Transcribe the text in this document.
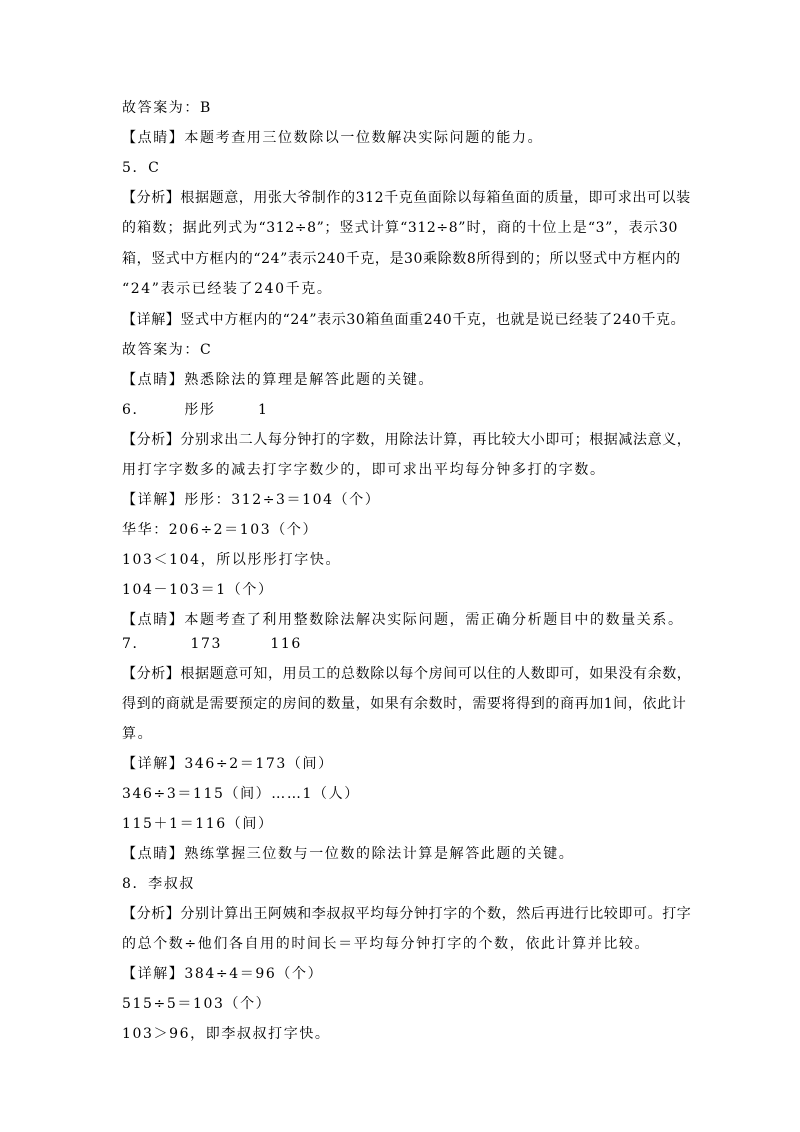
故答案为：B
【点睛】本题考查用三位数除以一位数解决实际问题的能力。
5．C
【分析】根据题意，用张大爷制作的312千克鱼面除以每箱鱼面的质量，即可求出可以装
的箱数；据此列式为“312÷8”；竖式计算“312÷8”时，商的十位上是“3”，表示30
箱，竖式中方框内的“24”表示240千克，是30乘除数8所得到的；所以竖式中方框内的
“24”表示已经装了240千克。
【详解】竖式中方框内的“24”表示30箱鱼面重240千克，也就是说已经装了240千克。
故答案为：C
【点睛】熟悉除法的算理是解答此题的关键。
6．      彤彤       1
【分析】分别求出二人每分钟打的字数，用除法计算，再比较大小即可；根据减法意义，
用打字字数多的减去打字字数少的，即可求出平均每分钟多打的字数。
【详解】彤彤：312÷3＝104（个）
华华：206÷2＝103（个）
103＜104，所以彤彤打字快。
104－103＝1（个）
【点睛】本题考查了利用整数除法解决实际问题，需正确分析题目中的数量关系。
7．       173        116
【分析】根据题意可知，用员工的总数除以每个房间可以住的人数即可，如果没有余数，
得到的商就是需要预定的房间的数量，如果有余数时，需要将得到的商再加1间，依此计
算。
【详解】346÷2＝173（间）
346÷3＝115（间）……1（人）
115＋1＝116（间）
【点睛】熟练掌握三位数与一位数的除法计算是解答此题的关键。
8．李叔叔
【分析】分别计算出王阿姨和李叔叔平均每分钟打字的个数，然后再进行比较即可。打字
的总个数÷他们各自用的时间长＝平均每分钟打字的个数，依此计算并比较。
【详解】384÷4＝96（个）
515÷5＝103（个）
103＞96，即李叔叔打字快。
